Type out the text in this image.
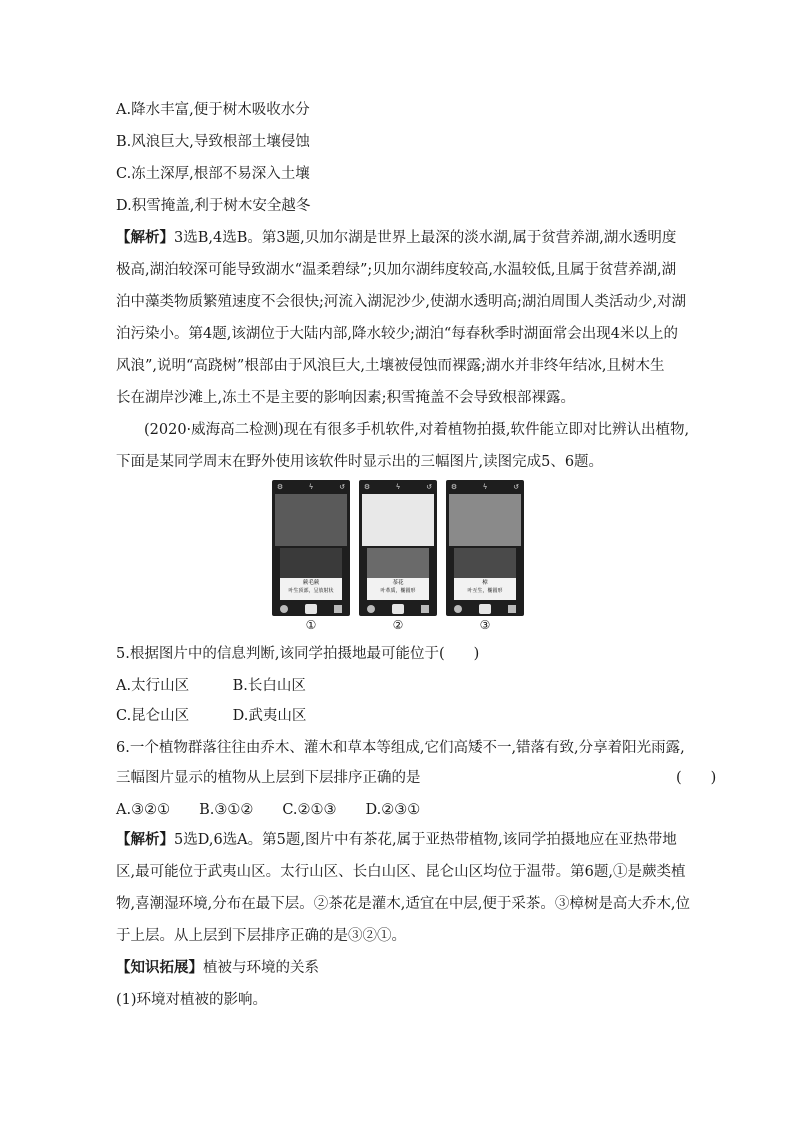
A.降水丰富,便于树木吸收水分
B.风浪巨大,导致根部土壤侵蚀
C.冻土深厚,根部不易深入土壤
D.积雪掩盖,利于树木安全越冬
【解析】3选B,4选B。第3题,贝加尔湖是世界上最深的淡水湖,属于贫营养湖,湖水透明度
极高,湖泊较深可能导致湖水“温柔碧绿”;贝加尔湖纬度较高,水温较低,且属于贫营养湖,湖
泊中藻类物质繁殖速度不会很快;河流入湖泥沙少,使湖水透明高;湖泊周围人类活动少,对湖
泊污染小。第4题,该湖位于大陆内部,降水较少;湖泊“每春秋季时湖面常会出现4米以上的
风浪”,说明“高跷树”根部由于风浪巨大,土壤被侵蚀而裸露;湖水并非终年结冰,且树木生
长在湖岸沙滩上,冻土不是主要的影响因素;积雪掩盖不会导致根部裸露。
(2020·威海高二检测)现在有很多手机软件,对着植物拍摄,软件能立即对比辨认出植物,
下面是某同学周末在野外使用该软件时显示出的三幅图片,读图完成5、6题。
⚙	ϟ	↺
蕨毛蕨
叶生顶部，呈放射状
⚙	ϟ	↺
茶花
叶革质，椭圆形
⚙	ϟ	↺
樟
叶互生，椭圆形
①	②	③
5.根据图片中的信息判断,该同学拍摄地最可能位于(　　)
A.太行山区　　　B.长白山区
C.昆仑山区　　　D.武夷山区
6.一个植物群落往往由乔木、灌木和草本等组成,它们高矮不一,错落有致,分享着阳光雨露,
三幅图片显示的植物从上层到下层排序正确的是	(　　)
A.③②①　　B.③①②　　C.②①③　　D.②③①
【解析】5选D,6选A。第5题,图片中有茶花,属于亚热带植物,该同学拍摄地应在亚热带地
区,最可能位于武夷山区。太行山区、长白山区、昆仑山区均位于温带。第6题,①是蕨类植
物,喜潮湿环境,分布在最下层。②茶花是灌木,适宜在中层,便于采茶。③樟树是高大乔木,位
于上层。从上层到下层排序正确的是③②①。
【知识拓展】植被与环境的关系
(1)环境对植被的影响。
